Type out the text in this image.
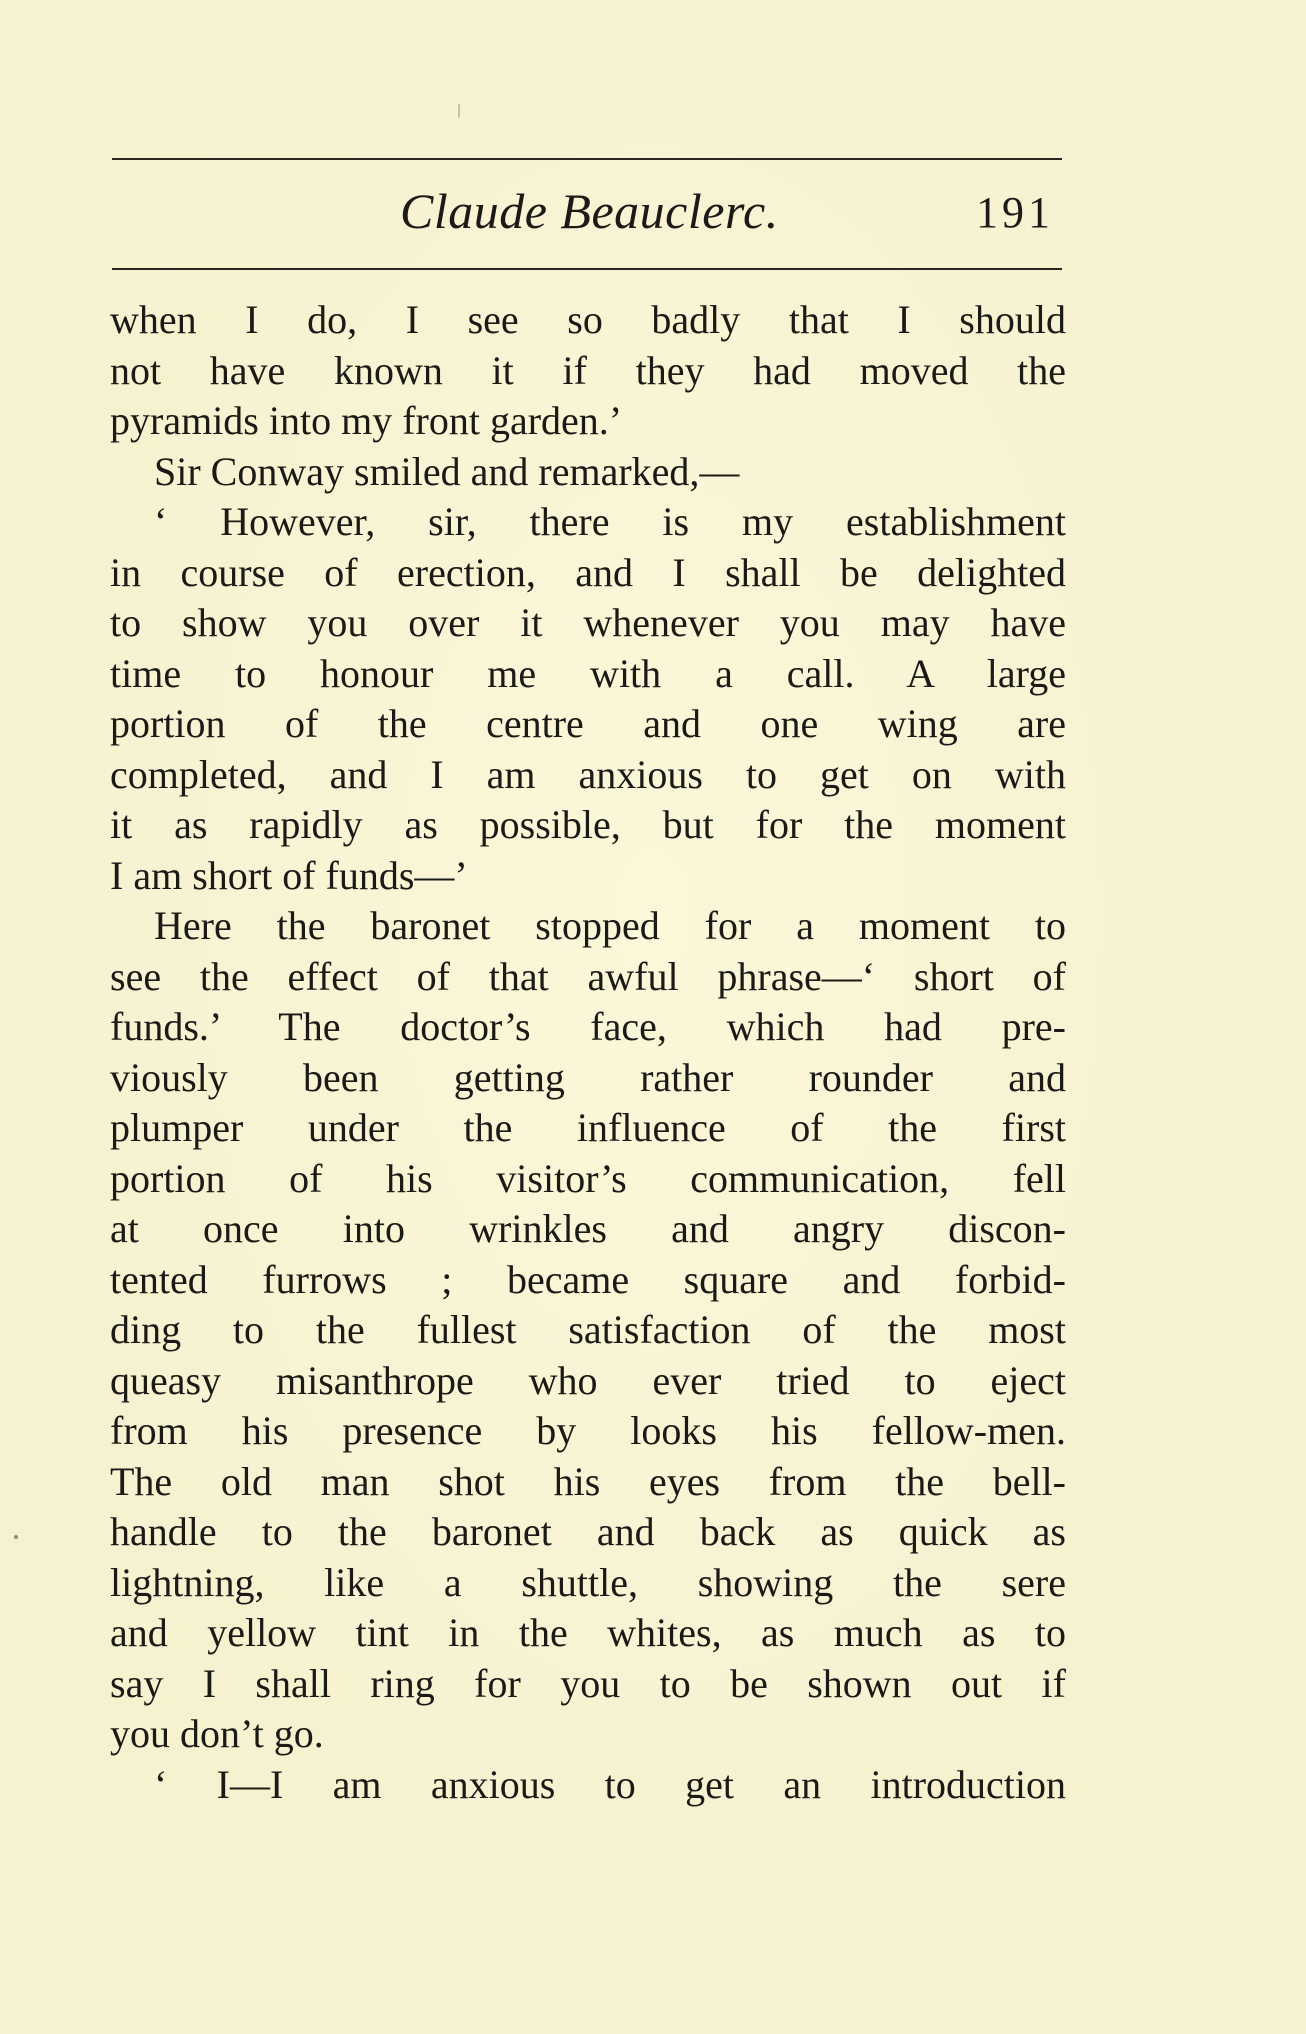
Claude Beauclerc.	191
when I do, I see so badly that I should
not have known it if they had moved the
pyramids into my front garden.’
Sir Conway smiled and remarked,—
‘ However, sir, there is my establishment
in course of erection, and I shall be delighted
to show you over it whenever you may have
time to honour me with a call. A large
portion of the centre and one wing are
completed, and I am anxious to get on with
it as rapidly as possible, but for the moment
I am short of funds—’
Here the baronet stopped for a moment to
see the effect of that awful phrase—‘ short of
funds.’ The doctor’s face, which had pre-
viously been getting rather rounder and
plumper under the influence of the first
portion of his visitor’s communication, fell
at once into wrinkles and angry discon-
tented furrows ; became square and forbid-
ding to the fullest satisfaction of the most
queasy misanthrope who ever tried to eject
from his presence by looks his fellow-men.
The old man shot his eyes from the bell-
handle to the baronet and back as quick as
lightning, like a shuttle, showing the sere
and yellow tint in the whites, as much as to
say I shall ring for you to be shown out if
you don’t go.
‘ I—I am anxious to get an introduction
